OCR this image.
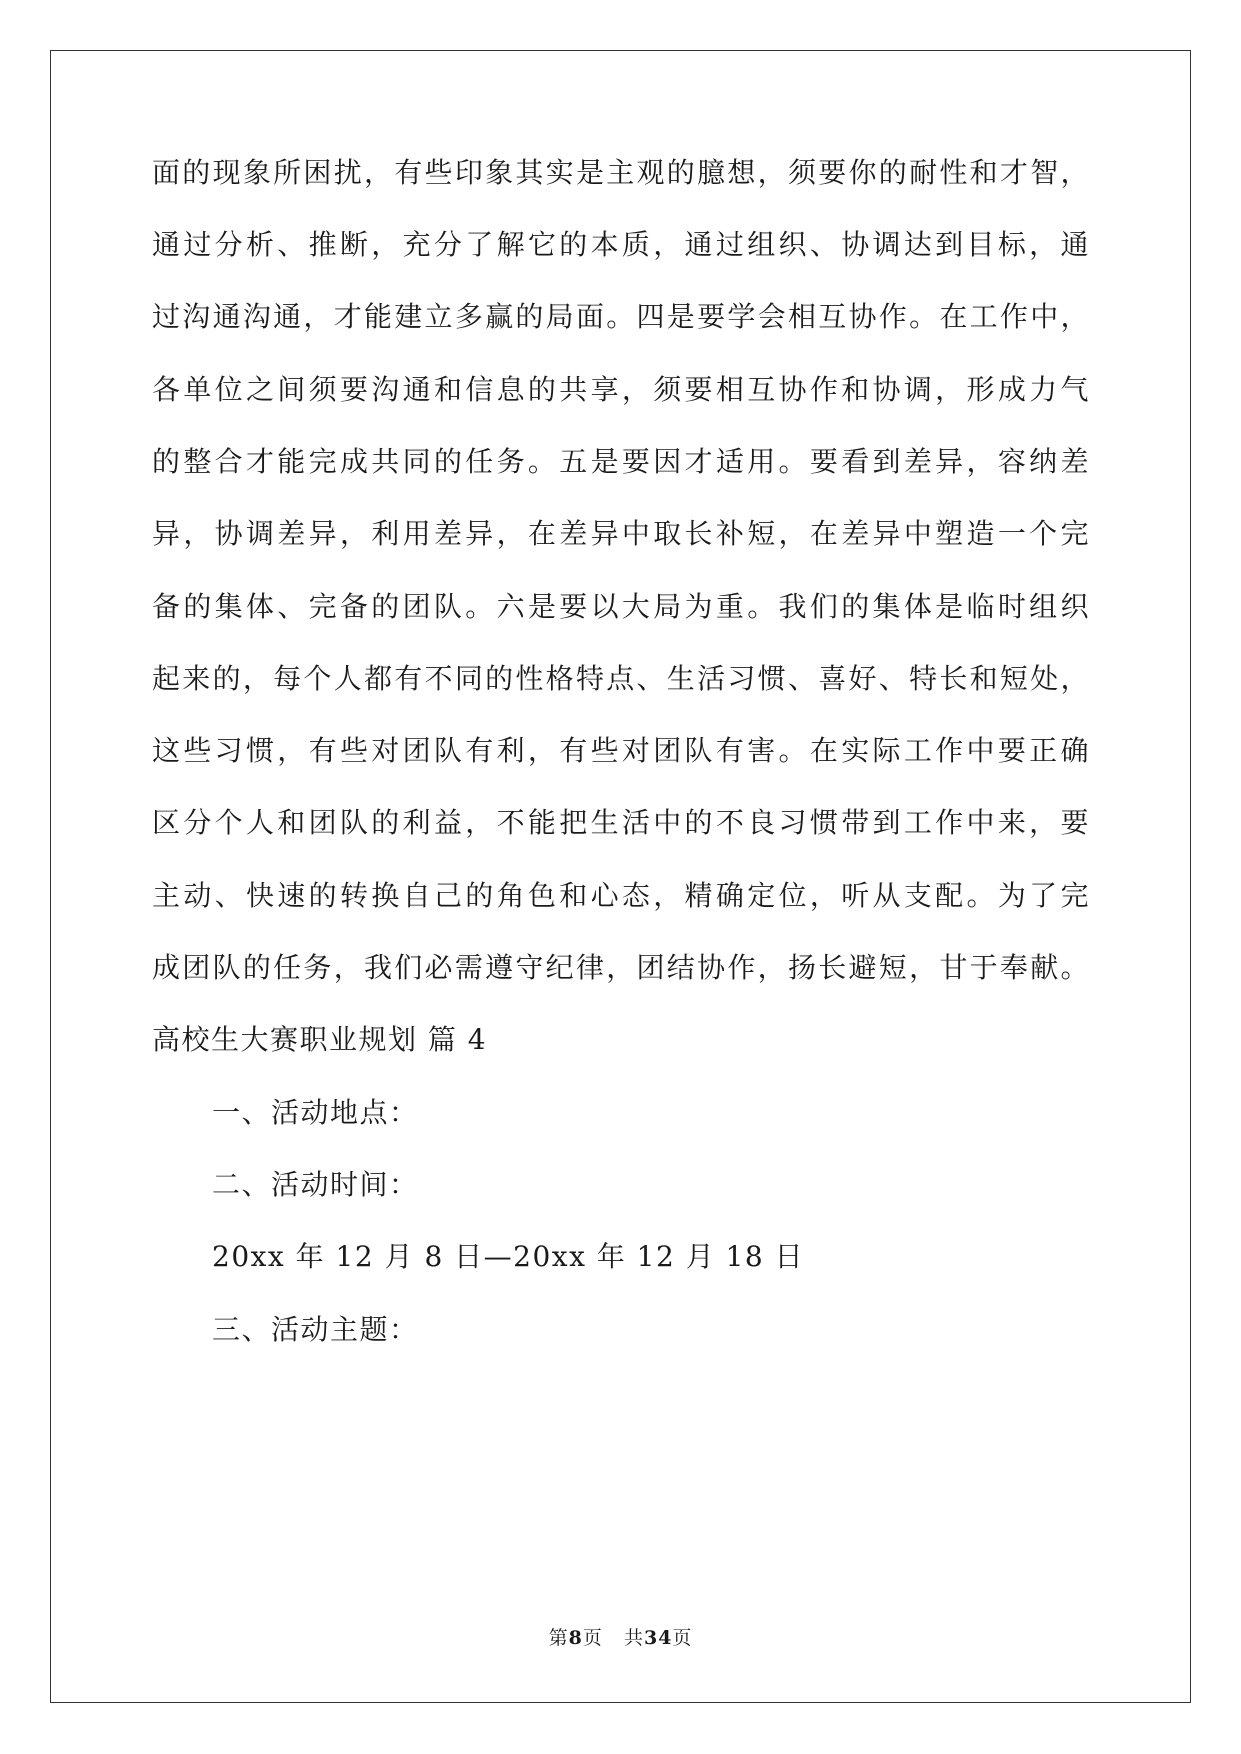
面的现象所困扰，有些印象其实是主观的臆想，须要你的耐性和才智，
通过分析、推断，充分了解它的本质，通过组织、协调达到目标，通
过沟通沟通，才能建立多赢的局面。四是要学会相互协作。在工作中，
各单位之间须要沟通和信息的共享，须要相互协作和协调，形成力气
的整合才能完成共同的任务。五是要因才适用。要看到差异，容纳差
异，协调差异，利用差异，在差异中取长补短，在差异中塑造一个完
备的集体、完备的团队。六是要以大局为重。我们的集体是临时组织
起来的，每个人都有不同的性格特点、生活习惯、喜好、特长和短处，
这些习惯，有些对团队有利，有些对团队有害。在实际工作中要正确
区分个人和团队的利益，不能把生活中的不良习惯带到工作中来，要
主动、快速的转换自己的角色和心态，精确定位，听从支配。为了完
成团队的任务，我们必需遵守纪律，团结协作，扬长避短，甘于奉献。
高校生大赛职业规划 篇 4
一、活动地点：
二、活动时间：
20xx 年 12 月 8 日—20xx 年 12 月 18 日
三、活动主题：
第8页 共34页
